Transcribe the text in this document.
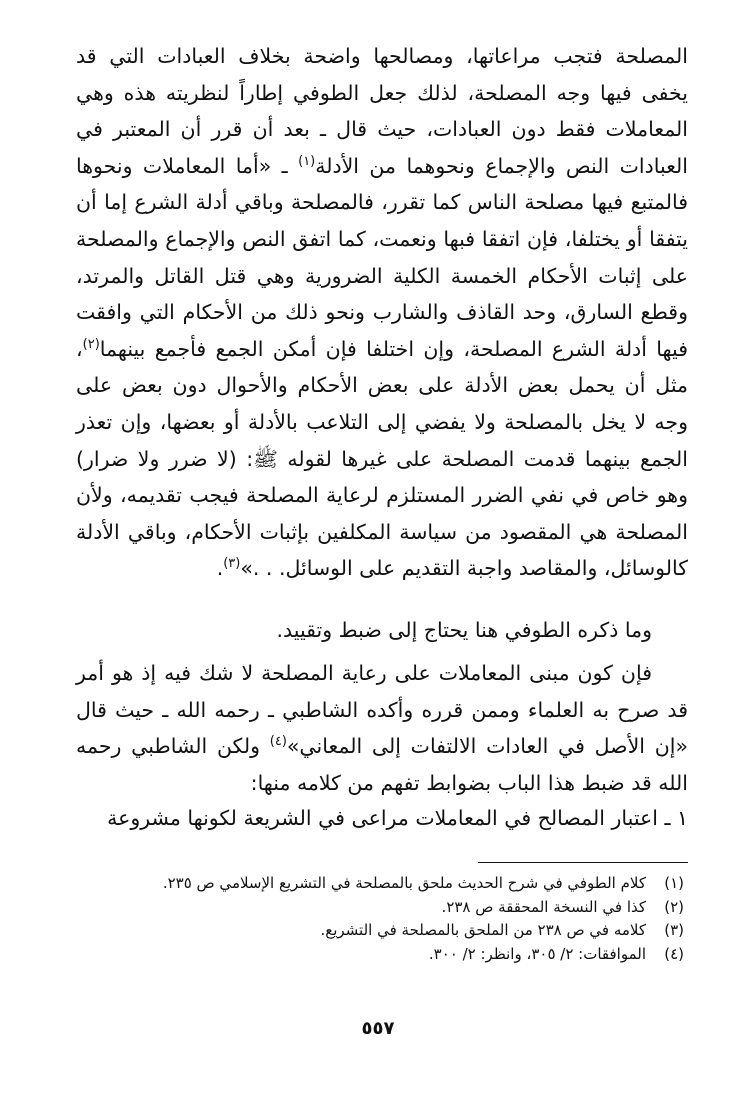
المصلحة فتجب مراعاتها، ومصالحها واضحة بخلاف العبادات التي قد يخفى فيها وجه المصلحة، لذلك جعل الطوفي إطاراً لنظريته هذه وهي المعاملات فقط دون العبادات، حيث قال ـ بعد أن قرر أن المعتبر في العبادات النص والإجماع ونحوهما من الأدلة$^{(١)}$ ـ «أما المعاملات ونحوها فالمتبع فيها مصلحة الناس كما تقرر، فالمصلحة وباقي أدلة الشرع إما أن يتفقا أو يختلفا، فإن اتفقا فبها ونعمت، كما اتفق النص والإجماع والمصلحة على إثبات الأحكام الخمسة الكلية الضرورية وهي قتل القاتل والمرتد، وقطع السارق، وحد القاذف والشارب ونحو ذلك من الأحكام التي وافقت فيها أدلة الشرع المصلحة، وإن اختلفا فإن أمكن الجمع فأجمع بينهما$^{(٢)}$، مثل أن يحمل بعض الأدلة على بعض الأحكام والأحوال دون بعض على وجه لا يخل بالمصلحة ولا يفضي إلى التلاعب بالأدلة أو بعضها، وإن تعذر الجمع بينهما قدمت المصلحة على غيرها لقوله ﷺ: (لا ضرر ولا ضرار) وهو خاص في نفي الضرر المستلزم لرعاية المصلحة فيجب تقديمه، ولأن المصلحة هي المقصود من سياسة المكلفين بإثبات الأحكام، وباقي الأدلة كالوسائل، والمقاصد واجبة التقديم على الوسائل. . .»$^{(٣)}$.

وما ذكره الطوفي هنا يحتاج إلى ضبط وتقييد.

فإن كون مبنى المعاملات على رعاية المصلحة لا شك فيه إذ هو أمر قد صرح به العلماء وممن قرره وأكده الشاطبي ـ رحمه الله ـ حيث قال «إن الأصل في العادات الالتفات إلى المعاني»$^{(٤)}$ ولكن الشاطبي رحمه الله قد ضبط هذا الباب بضوابط تفهم من كلامه منها:

١ ـ اعتبار المصالح في المعاملات مراعى في الشريعة لكونها مشروعة

(١)
كلام الطوفي في شرح الحديث ملحق بالمصلحة في التشريع الإسلامي ص ٢٣٥.
(٢)
كذا في النسخة المحققة ص ٢٣٨.
(٣)
كلامه في ص ٢٣٨ من الملحق بالمصلحة في التشريع.
(٤)
الموافقات: ٢/ ٣٠٥، وانظر: ٢/ ٣٠٠.
٥٥٧
